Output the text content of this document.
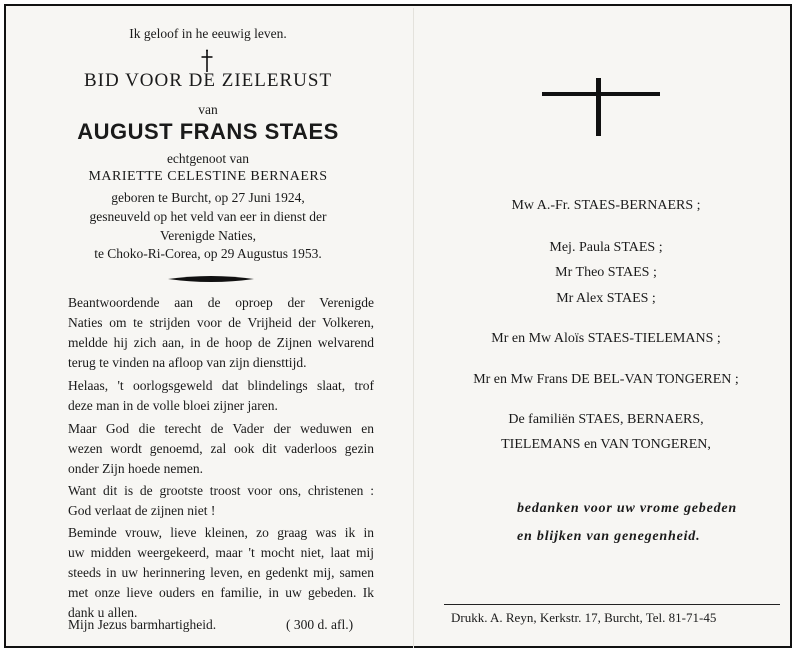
Ik geloof in he eeuwig leven.
BID VOOR DE ZIELERUST
van
AUGUST FRANS STAES
echtgenoot van
MARIETTE CELESTINE BERNAERS
geboren te Burcht, op 27 Juni 1924,
gesneuveld op het veld van eer in dienst der
Verenigde Naties,
te Choko-Ri-Corea, op 29 Augustus 1953.
Beantwoordende aan de oproep der Verenigde
Naties om te strijden voor de Vrijheid der Volkeren,
meldde hij zich aan, in de hoop de Zijnen welvarend
terug te vinden na afloop van zijn diensttijd.
Helaas, 't oorlogsgeweld dat blindelings slaat, trof
deze man in de volle bloei zijner jaren.
Maar God die terecht de Vader der weduwen en
wezen wordt genoemd, zal ook dit vaderloos gezin
onder Zijn hoede nemen.
Want dit is de grootste troost voor ons, christenen :
God verlaat de zijnen niet !
Beminde vrouw, lieve kleinen, zo graag was ik in
uw midden weergekeerd, maar 't mocht niet, laat mij
steeds in uw herinnering leven, en gedenkt mij, samen
met onze lieve ouders en familie, in uw gebeden. Ik
dank u allen.
Mijn Jezus barmhartigheid.	( 300 d. afl.)
Mw A.-Fr. STAES-BERNAERS ;
Mej. Paula STAES ;
Mr Theo STAES ;
Mr Alex STAES ;
Mr en Mw Aloïs STAES-TIELEMANS ;
Mr en Mw Frans DE BEL-VAN TONGEREN ;
De familiën STAES, BERNAERS,
TIELEMANS en VAN TONGEREN,
bedanken voor uw vrome gebeden
en blijken van genegenheid.
Drukk. A. Reyn, Kerkstr. 17, Burcht, Tel. 81-71-45
